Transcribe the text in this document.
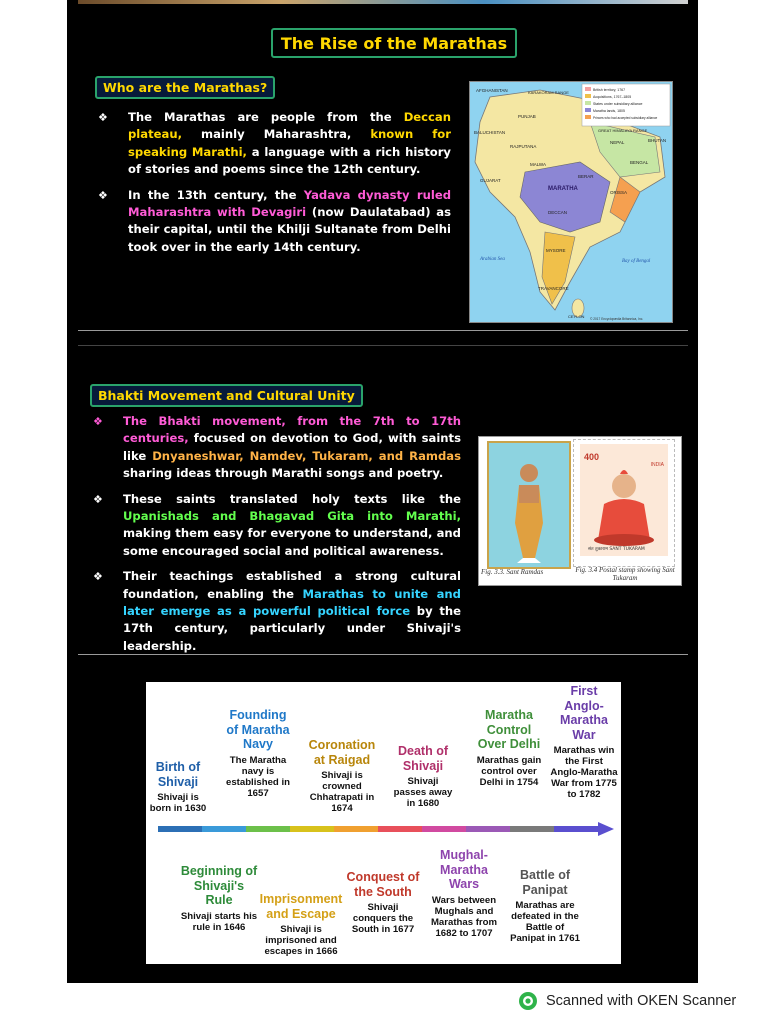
The Rise of the Marathas
Who are the Marathas?
❖ The Marathas are people from the Deccan plateau, mainly Maharashtra, known for speaking Marathi, a language with a rich history of stories and poems since the 12th century.
❖ In the 13th century, the Yadava dynasty ruled Maharashtra with Devagiri (now Daulatabad) as their capital, until the Khilji Sultanate from Delhi took over in the early 14th century.
AFGHANISTAN	KARAKORAM RANGE
PUNJAB
BALUCHISTAN
RAJPUTANA
GREAT HIMALAYA RANGE
NEPAL	BHUTAN
BENGAL
GUJARAT
MARATHA
DECCAN
Arabian Sea	Bay of Bengal
MYSORE
TRAVANCORE
CEYLON
MALWA
BERAR
ORISSA
British territory, 1767
Acquisitions, 1767–1805
States under subsidiary alliance
Maratha lands, 1805
Princes who had accepted subsidiary alliance
© 2017 Encyclopædia Britannica, Inc.
Bhakti Movement and Cultural Unity
❖ The Bhakti movement, from the 7th to 17th centuries, focused on devotion to God, with saints like Dnyaneshwar, Namdev, Tukaram, and Ramdas sharing ideas through Marathi songs and poetry.
❖ These saints translated holy texts like the Upanishads and Bhagavad Gita into Marathi, making them easy for everyone to understand, and some encouraged social and political awareness.
❖ Their teachings established a strong cultural foundation, enabling the Marathas to unite and later emerge as a powerful political force by the 17th century, particularly under Shivaji's leadership.
400
INDIA
संत तुकाराम SANT TUKARAM
Fig. 3.3. Sant Ramdas	Fig. 3.4 Postal stamp showing Sant Tukaram
Birth of Shivaji
Shivaji is born in 1630
Founding of Maratha Navy
The Maratha navy is established in 1657
Coronation at Raigad
Shivaji is crowned Chhatrapati in 1674
Death of Shivaji
Shivaji passes away in 1680
Maratha Control Over Delhi
Marathas gain control over Delhi in 1754
First Anglo-Maratha War
Marathas win the First Anglo-Maratha War from 1775 to 1782
Beginning of Shivaji's Rule
Shivaji starts his rule in 1646
Imprisonment and Escape
Shivaji is imprisoned and escapes in 1666
Conquest of the South
Shivaji conquers the South in 1677
Mughal-Maratha Wars
Wars between Mughals and Marathas from 1682 to 1707
Battle of Panipat
Marathas are defeated in the Battle of Panipat in 1761
Scanned with OKEN Scanner
